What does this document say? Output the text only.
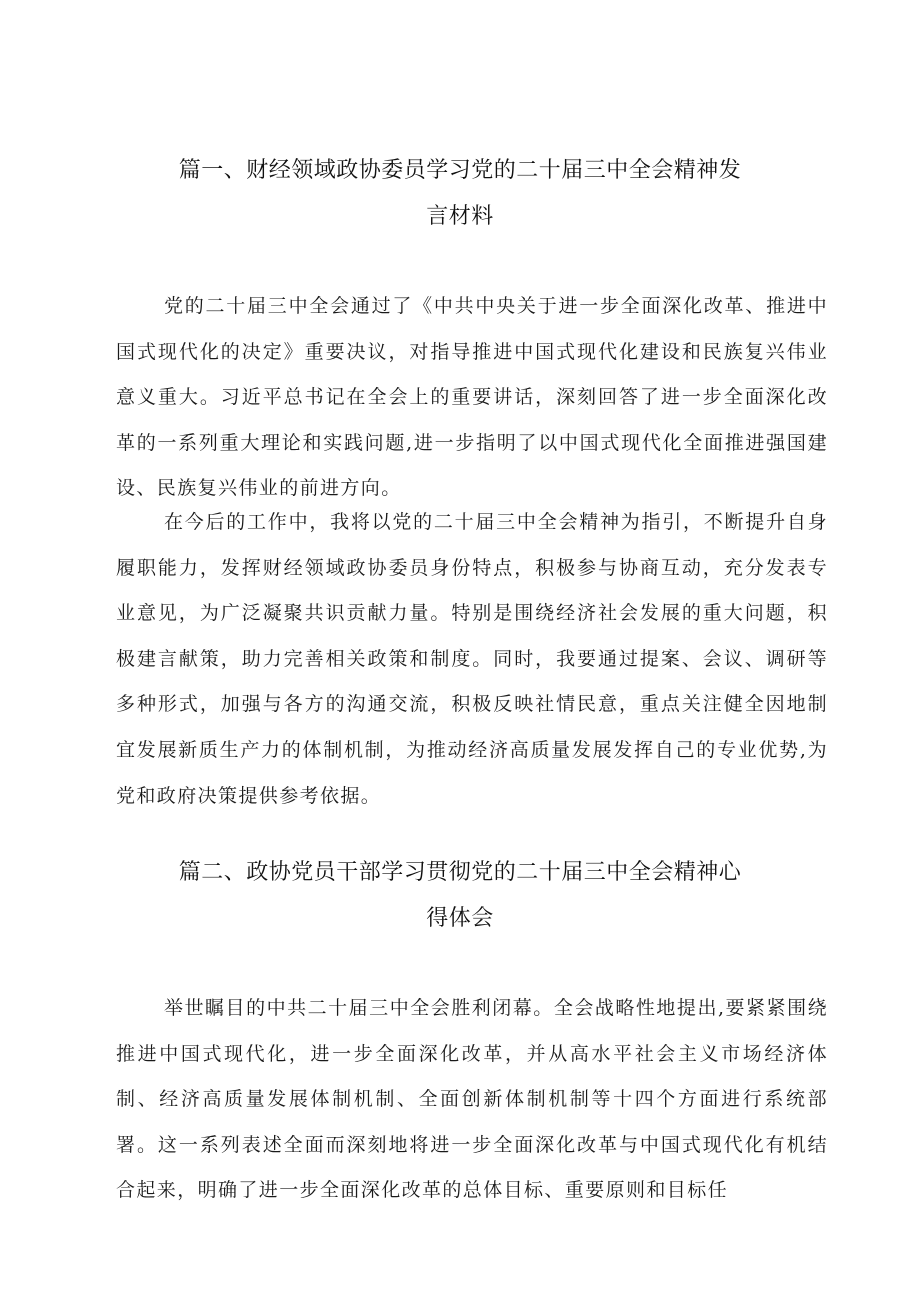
篇一、财经领域政协委员学习党的二十届三中全会精神发
言材料

党的二十届三中全会通过了《中共中央关于进一步全面深化改革、推进中国式现代化的决定》重要决议，对指导推进中国式现代化建设和民族复兴伟业意义重大。习近平总书记在全会上的重要讲话，深刻回答了进一步全面深化改革的一系列重大理论和实践问题,进一步指明了以中国式现代化全面推进强国建设、民族复兴伟业的前进方向。

在今后的工作中，我将以党的二十届三中全会精神为指引，不断提升自身履职能力，发挥财经领域政协委员身份特点，积极参与协商互动，充分发表专业意见，为广泛凝聚共识贡献力量。特别是围绕经济社会发展的重大问题，积极建言献策，助力完善相关政策和制度。同时，我要通过提案、会议、调研等多种形式，加强与各方的沟通交流，积极反映社情民意，重点关注健全因地制宜发展新质生产力的体制机制，为推动经济高质量发展发挥自己的专业优势,为党和政府决策提供参考依据。

篇二、政协党员干部学习贯彻党的二十届三中全会精神心
得体会

举世瞩目的中共二十届三中全会胜利闭幕。全会战略性地提出,要紧紧围绕推进中国式现代化，进一步全面深化改革，并从高水平社会主义市场经济体制、经济高质量发展体制机制、全面创新体制机制等十四个方面进行系统部署。这一系列表述全面而深刻地将进一步全面深化改革与中国式现代化有机结合起来，明确了进一步全面深化改革的总体目标、重要原则和目标任
